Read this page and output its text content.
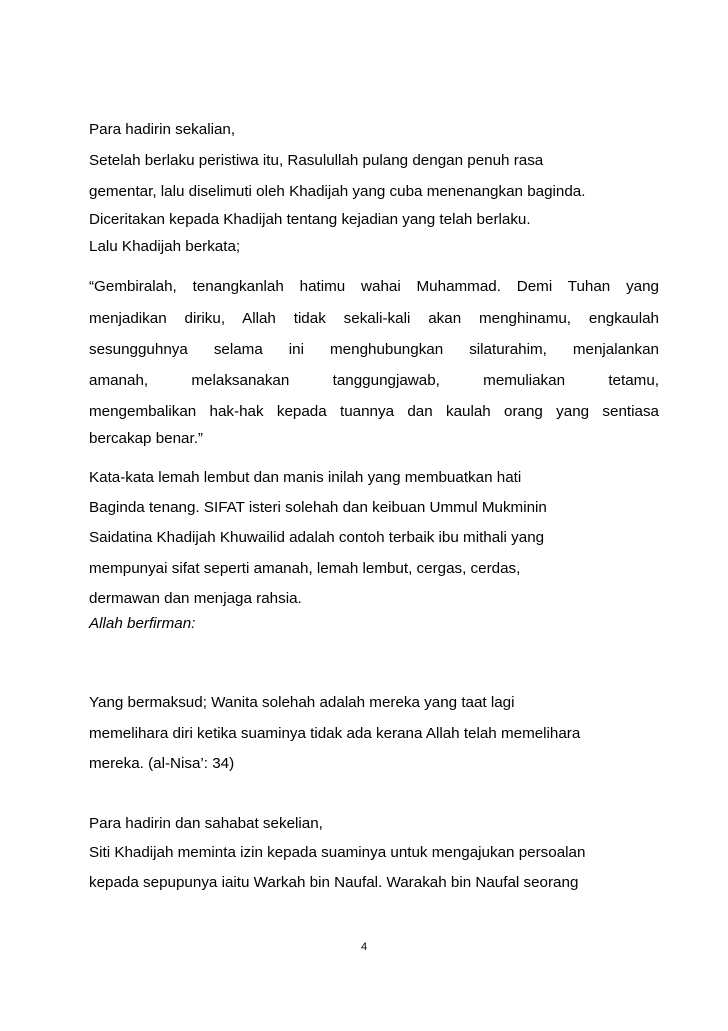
Para hadirin sekalian,

Setelah berlaku peristiwa itu, Rasulullah pulang dengan penuh rasa

gementar, lalu diselimuti oleh Khadijah yang cuba menenangkan baginda.

Diceritakan kepada Khadijah tentang kejadian yang telah berlaku.

Lalu Khadijah berkata;

“Gembiralah, tenangkanlah hatimu wahai Muhammad. Demi Tuhan yang

menjadikan diriku, Allah tidak sekali-kali akan menghinamu, engkaulah

sesungguhnya selama ini menghubungkan silaturahim, menjalankan

amanah, melaksanakan tanggungjawab, memuliakan tetamu,

mengembalikan hak-hak kepada tuannya dan kaulah orang yang sentiasa

bercakap benar.”

Kata-kata lemah lembut dan manis inilah yang membuatkan hati

Baginda tenang. SIFAT isteri solehah dan keibuan Ummul Mukminin

Saidatina Khadijah Khuwailid adalah contoh terbaik ibu mithali yang

mempunyai sifat seperti amanah, lemah lembut, cergas, cerdas,

dermawan dan menjaga rahsia.

Allah berfirman:

Yang bermaksud; Wanita solehah adalah mereka yang taat lagi

memelihara diri ketika suaminya tidak ada kerana Allah telah memelihara

mereka. (al-Nisa’: 34)

Para hadirin dan sahabat sekelian,

Siti Khadijah meminta izin kepada suaminya untuk mengajukan persoalan

kepada sepupunya iaitu Warkah bin Naufal. Warakah bin Naufal seorang

4
